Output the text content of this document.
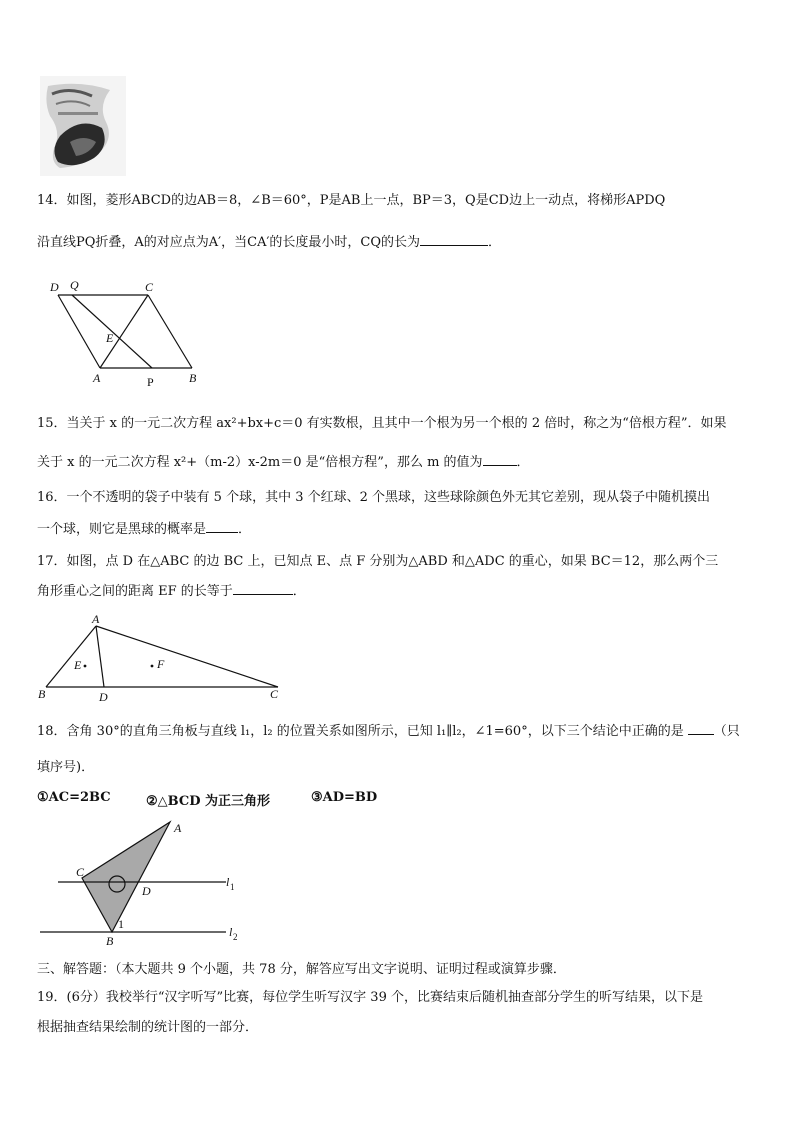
14．如图，菱形ABCD的边AB＝8，∠B＝60°，P是AB上一点，BP＝3，Q是CD边上一动点，将梯形APDQ
沿直线PQ折叠，A的对应点为A′，当CA′的长度最小时，CQ的长为	．
D Q	C
E
A	P	B
15．当关于 x 的一元二次方程 ax²+bx+c＝0 有实数根，且其中一个根为另一个根的 2 倍时，称之为“倍根方程”．如果
关于 x 的一元二次方程 x²+（m-2）x-2m＝0 是“倍根方程”，那么 m 的值为	．
16．一个不透明的袋子中装有 5 个球，其中 3 个红球、2 个黑球，这些球除颜色外无其它差别，现从袋子中随机摸出
一个球，则它是黑球的概率是 ．
17．如图，点 D 在△ABC 的边 BC 上，已知点 E、点 F 分别为△ABD 和△ADC 的重心，如果 BC＝12，那么两个三
角形重心之间的距离 EF 的长等于	．
A
E	F
B	D	C
18．含角 30°的直角三角板与直线 l₁，l₂ 的位置关系如图所示，已知 l₁∥l₂，∠1=60°，以下三个结论中正确的是 （只
填序号)．
①AC=2BC	②△BCD 为正三角形	③AD=BD
A
C
D
l 1
1
B
l 2
三、解答题：（本大题共 9 个小题，共 78 分，解答应写出文字说明、证明过程或演算步骤．
19．(6分）我校举行“汉字听写”比赛，每位学生听写汉字 39 个，比赛结束后随机抽查部分学生的听写结果，以下是
根据抽查结果绘制的统计图的一部分．
